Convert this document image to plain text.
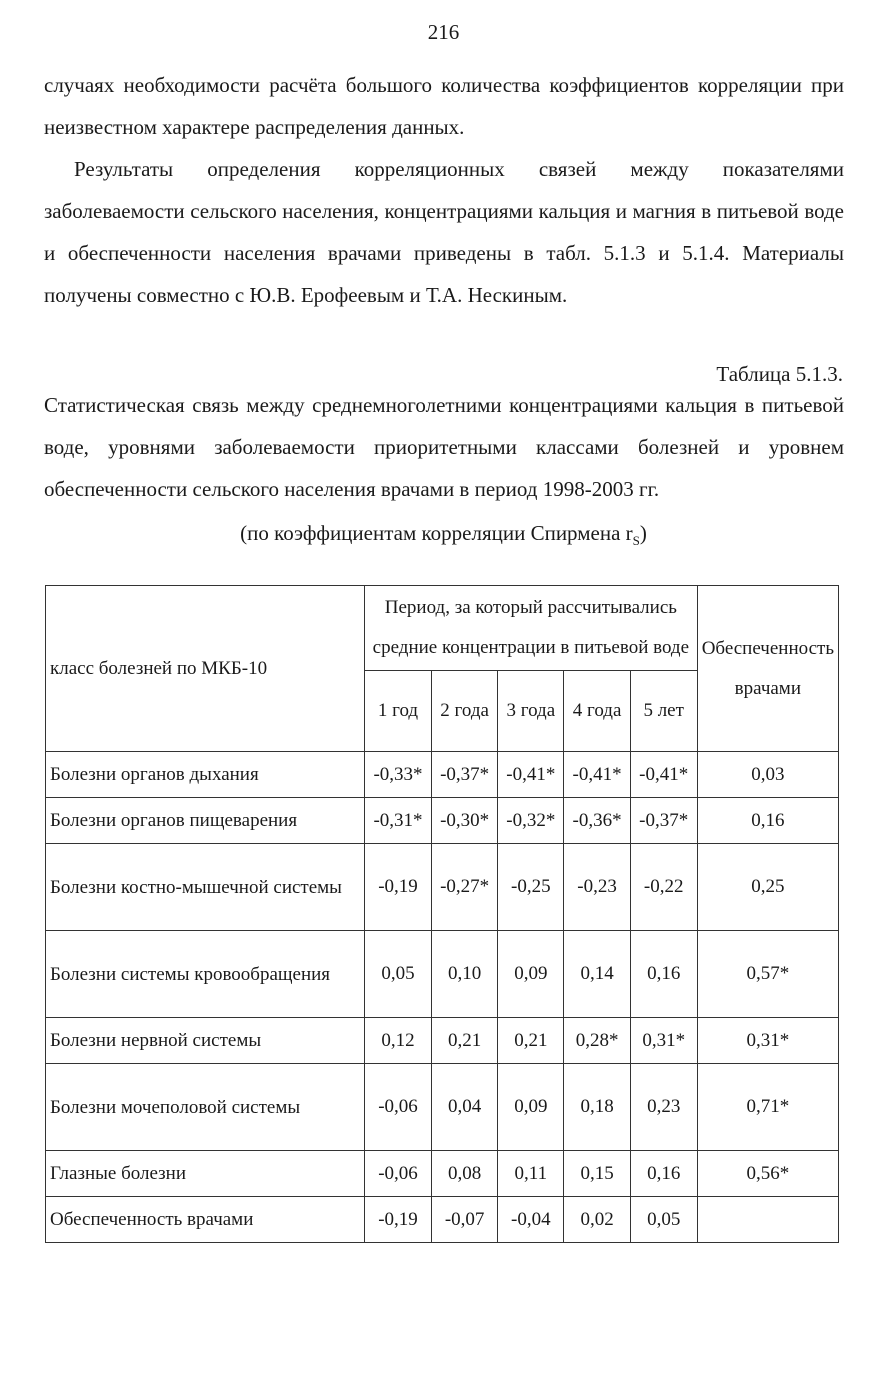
216

случаях необходимости расчёта большого количества коэффициентов корреляции при неизвестном характере распределения данных.

Результаты определения корреляционных связей между показателями заболеваемости сельского населения, концентрациями кальция и магния в питьевой воде и обеспеченности населения врачами приведены в табл. 5.1.3 и 5.1.4. Материалы получены совместно с Ю.В. Ерофеевым и Т.А. Нескиным.

Таблица 5.1.3.

Статистическая связь между среднемноголетними концентрациями кальция в питьевой воде, уровнями заболеваемости приоритетными классами болезней и уровнем обеспеченности сельского населения врачами в период 1998-2003 гг.

(по коэффициентам корреляции Спирмена $r_S$)
класс болезней по МКБ-10	Период, за который рассчитывались средние концентрации в питьевой воде					Обеспеченность врачами
	1 год	2 года	3 года	4 года	5 лет	
Болезни органов дыхания	-0,33*	-0,37*	-0,41*	-0,41*	-0,41*	0,03
Болезни органов пищеварения	-0,31*	-0,30*	-0,32*	-0,36*	-0,37*	0,16
Болезни костно-мышечной системы	-0,19	-0,27*	-0,25	-0,23	-0,22	0,25
Болезни системы кровообращения	0,05	0,10	0,09	0,14	0,16	0,57*
Болезни нервной системы	0,12	0,21	0,21	0,28*	0,31*	0,31*
Болезни мочеполовой системы	-0,06	0,04	0,09	0,18	0,23	0,71*
Глазные болезни	-0,06	0,08	0,11	0,15	0,16	0,56*
Обеспеченность врачами	-0,19	-0,07	-0,04	0,02	0,05	
